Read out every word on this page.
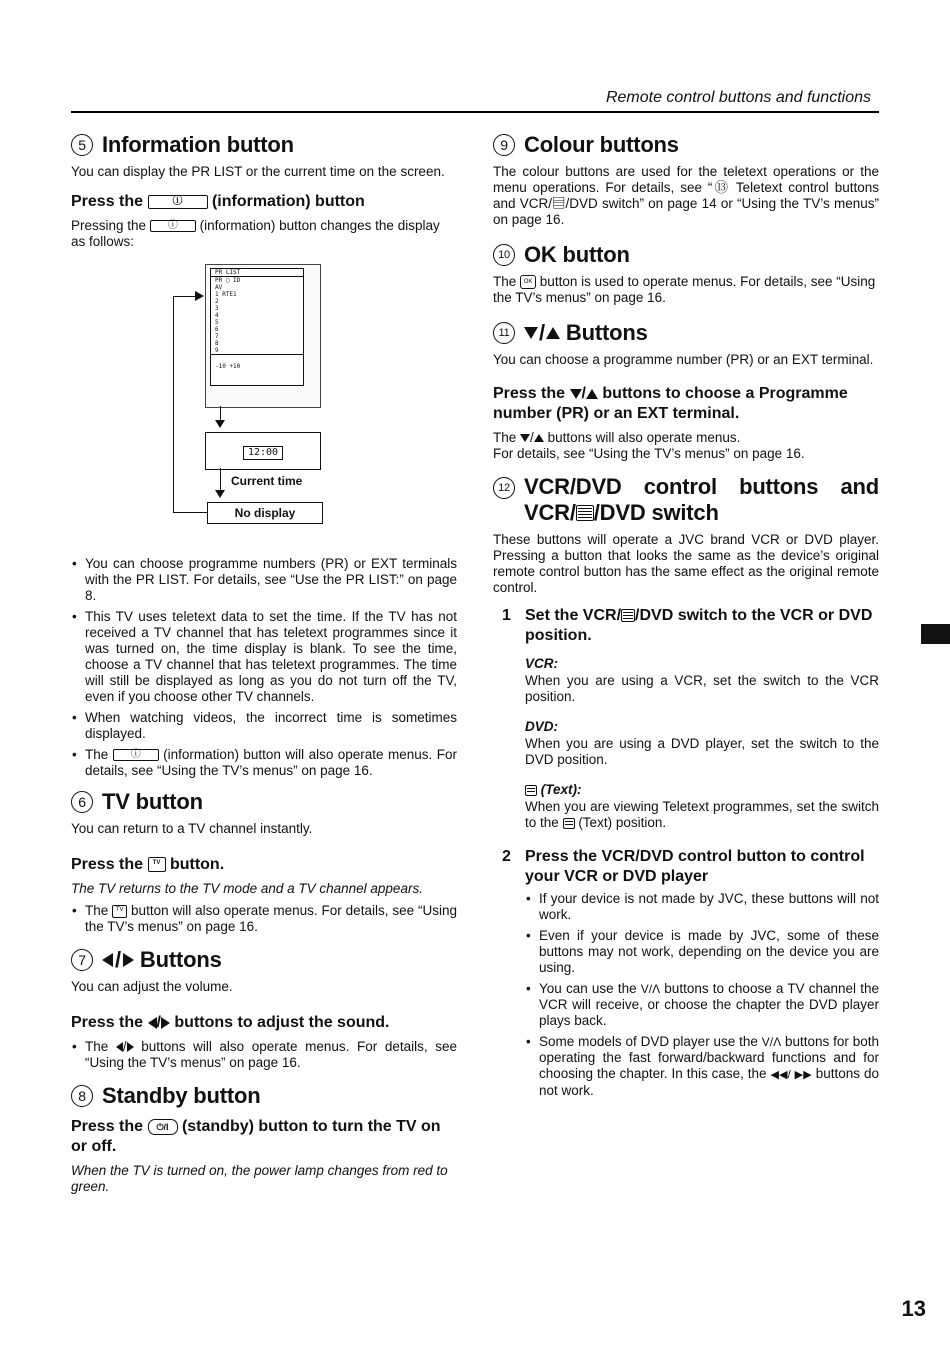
Remote control buttons and functions
5 Information button

You can display the PR LIST or the current time on the screen.

Press the	ⓘ (information) button

Pressing the ⓘ (information) button changes the display as follows:

PR LIST
PR ▢ ID
AV
1 RTE1
2
3
4
5
6
7
8
9
-10 +10
12:00
Current time
No display
• You can choose programme numbers (PR) or EXT terminals with the PR LIST. For details, see “Use the PR LIST:” on page 8.
• This TV uses teletext data to set the time. If the TV has not received a TV channel that has teletext programmes since it was turned on, the time display is blank. To see the time, choose a TV channel that has teletext programmes. The time will still be displayed as long as you do not turn off the TV, even if you choose other TV channels.
• When watching videos, the incorrect time is sometimes displayed.
• The ⓘ (information) button will also operate menus. For details, see “Using the TV’s menus” on page 16.
6 TV button

You can return to a TV channel instantly.

Press the TV button.

The TV returns to the TV mode and a TV channel appears.

• The TV button will also operate menus. For details, see “Using the TV’s menus” on page 16.
7	/ Buttons

You can adjust the volume.

Press the / buttons to adjust the sound.
• The / buttons will also operate menus. For details, see “Using the TV’s menus” on page 16.
8 Standby button
Press the ⏻/I (standby) button to turn the TV on or off.

When the TV is turned on, the power lamp changes from red to green.

9 Colour buttons

The colour buttons are used for the teletext operations or the menu operations. For details, see “⑬ Teletext control buttons and VCR/▤/DVD switch” on page 14 or “Using the TV’s menus” on page 16.

10 OK button

The OK button is used to operate menus. For details, see “Using the TV’s menus” on page 16.

11 / Buttons

You can choose a programme number (PR) or an EXT terminal.

Press the / buttons to choose a Programme number (PR) or an EXT terminal.

The / buttons will also operate menus.

For details, see “Using the TV’s menus” on page 16.

12 VCR/DVD control buttons and
VCR/ /DVD switch

These buttons will operate a JVC brand VCR or DVD player. Pressing a button that looks the same as the device’s original remote control button has the same effect as the original remote control.

1 Set the VCR/ /DVD switch to the VCR or DVD position.
VCR:

When you are using a VCR, set the switch to the VCR position.

DVD:

When you are using a DVD player, set the switch to the DVD position.

(Text):

When you are viewing Teletext programmes, set the switch to the (Text) position.

2 Press the VCR/DVD control button to control your VCR or DVD player
• If your device is not made by JVC, these buttons will not work.
• Even if your device is made by JVC, some of these buttons may not work, depending on the device you are using.
• You can use the V/Λ buttons to choose a TV channel the VCR will receive, or choose the chapter the DVD player plays back.
• Some models of DVD player use the V/Λ buttons for both operating the fast forward/backward functions and for choosing the chapter. In this case, the ◀◀/ ▶▶ buttons do not work.
13
